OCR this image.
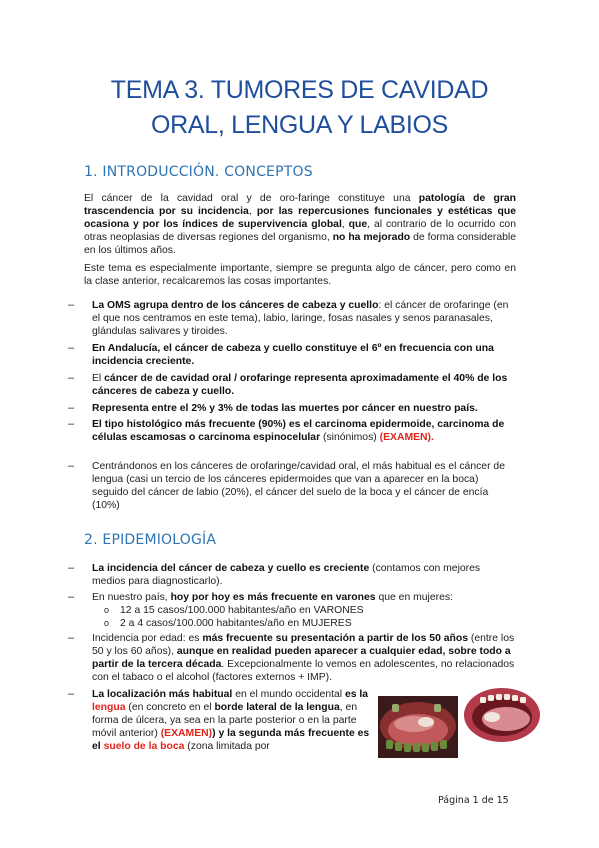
TEMA 3. TUMORES DE CAVIDAD
ORAL, LENGUA Y LABIOS
1. INTRODUCCIÓN. CONCEPTOS
El cáncer de la cavidad oral y de oro-faringe constituye una patología de gran trascendencia por su incidencia, por las repercusiones funcionales y estéticas que ocasiona y por los índices de supervivencia global, que, al contrario de lo ocurrido con otras neoplasias de diversas regiones del organismo, no ha mejorado de forma considerable en los últimos años.
Este tema es especialmente importante, siempre se pregunta algo de cáncer, pero como en la clase anterior, recalcaremos las cosas importantes.
– La OMS agrupa dentro de los cánceres de cabeza y cuello: el cáncer de orofaringe (en el que nos centramos en este tema), labio, laringe, fosas nasales y senos paranasales, glándulas salivares y tiroides.
– En Andalucía, el cáncer de cabeza y cuello constituye el 6º en frecuencia con una incidencia creciente.
– El cáncer de de cavidad oral / orofaringe representa aproximadamente el 40% de los cánceres de cabeza y cuello.
– Representa entre el 2% y 3% de todas las muertes por cáncer en nuestro país.
– El tipo histológico más frecuente (90%) es el carcinoma epidermoide, carcinoma de células escamosas o carcinoma espinocelular (sinónimos) (EXAMEN).
Centrándonos en los cánceres de orofaringe/cavidad oral, el más habitual es el cáncer de lengua (casi un tercio de los cánceres epidermoides que van a aparecer en la boca) seguido del cáncer de labio (20%), el cáncer del suelo de la boca y el cáncer de encía (10%)
–
2. EPIDEMIOLOGÍA
– La incidencia del cáncer de cabeza y cuello es creciente (contamos con mejores medios para diagnosticarlo).
– En nuestro país, hoy por hoy es más frecuente en varones que en mujeres:
o 12 a 15 casos/100.000 habitantes/año en VARONES
o 2 a 4 casos/100.000 habitantes/año en MUJERES
– Incidencia por edad: es más frecuente su presentación a partir de los 50 años (entre los 50 y los 60 años), aunque en realidad pueden aparecer a cualquier edad, sobre todo a partir de la tercera década. Excepcionalmente lo vemos en adolescentes, no relacionados con el tabaco o el alcohol (factores externos + IMP).
– La localización más habitual en el mundo occidental es la lengua (en concreto en el borde lateral de la lengua, en forma de úlcera, ya sea en la parte posterior o en la parte móvil anterior) (EXAMEN)) y la segunda más frecuente es el suelo de la boca (zona limitada por
Página 1 de 15
